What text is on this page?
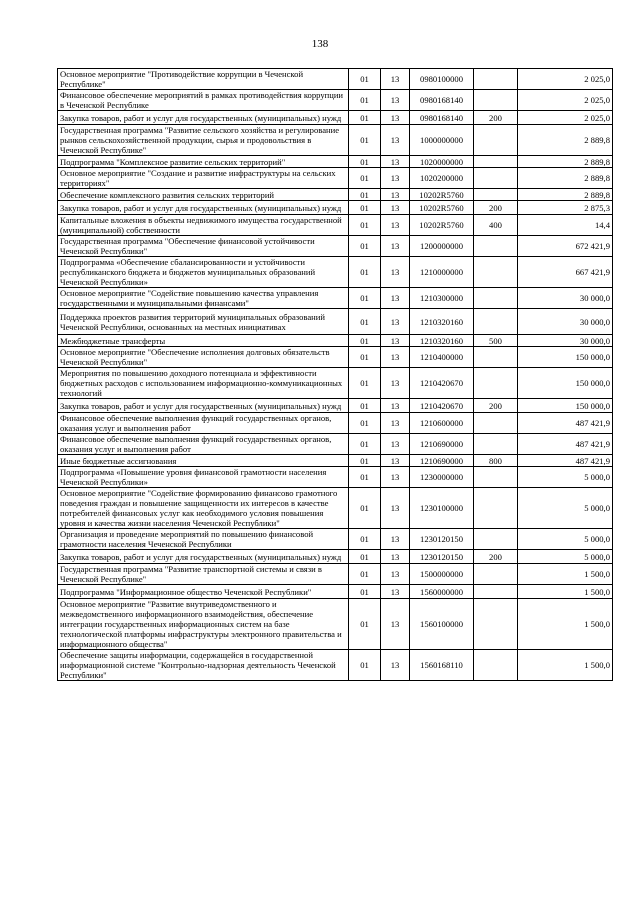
138
Основное мероприятие "Противодействие коррупции в Чеченской Республике"	01	13	0980100000		2 025,0
Финансовое обеспечение мероприятий в рамках противодействия коррупции в Чеченской Республике	01	13	0980168140		2 025,0
Закупка товаров, работ и услуг для государственных (муниципальных) нужд	01	13	0980168140	200	2 025,0
Государственная программа "Развитие сельского хозяйства и регулирование рынков сельскохозяйственной продукции, сырья и продовольствия в Чеченской Республике"	01	13	1000000000		2 889,8
Подпрограмма "Комплексное развитие сельских территорий"	01	13	1020000000		2 889,8
Основное мероприятие "Создание и развитие инфраструктуры на сельских территориях"	01	13	1020200000		2 889,8
Обеспечение комплексного развития сельских территорий	01	13	10202R5760		2 889,8
Закупка товаров, работ и услуг для государственных (муниципальных) нужд	01	13	10202R5760	200	2 875,3
Капитальные вложения в объекты недвижимого имущества государственной (муниципальной) собственности	01	13	10202R5760	400	14,4
Государственная программа "Обеспечение финансовой устойчивости Чеченской Республики"	01	13	1200000000		672 421,9
Подпрограмма «Обеспечение сбалансированности и устойчивости республиканского бюджета и бюджетов муниципальных образований Чеченской Республики»	01	13	1210000000		667 421,9
Основное мероприятие "Содействие повышению качества управления государственными и муниципальными финансами"	01	13	1210300000		30 000,0
Поддержка проектов развития территорий муниципальных образований Чеченской Республики, основанных на местных инициативах	01	13	1210320160		30 000,0
Межбюджетные трансферты	01	13	1210320160	500	30 000,0
Основное мероприятие "Обеспечение исполнения долговых обязательств Чеченской Республики"	01	13	1210400000		150 000,0
Мероприятия по повышению доходного потенциала и эффективности бюджетных расходов с использованием информационно-коммуникационных технологий	01	13	1210420670		150 000,0
Закупка товаров, работ и услуг для государственных (муниципальных) нужд	01	13	1210420670	200	150 000,0
Финансовое обеспечение выполнения функций государственных органов, оказания услуг и выполнения работ	01	13	1210600000		487 421,9
Финансовое обеспечение выполнения функций государственных органов, оказания услуг и выполнения работ	01	13	1210690000		487 421,9
Иные бюджетные ассигнования	01	13	1210690000	800	487 421,9
Подпрограмма «Повышение уровня финансовой грамотности населения Чеченской Республики»	01	13	1230000000		5 000,0
Основное мероприятие "Содействие формированию финансово грамотного поведения граждан и повышение защищенности их интересов в качестве потребителей финансовых услуг как необходимого условия повышения уровня и качества жизни населения Чеченской Республики"	01	13	1230100000		5 000,0
Организация и проведение мероприятий по повышению финансовой грамотности населения Чеченской Республики	01	13	1230120150		5 000,0
Закупка товаров, работ и услуг для государственных (муниципальных) нужд	01	13	1230120150	200	5 000,0
Государственная программа "Развитие транспортной системы и связи в Чеченской Республике"	01	13	1500000000		1 500,0
Подпрограмма "Информационное общество Чеченской Республики"	01	13	1560000000		1 500,0
Основное мероприятие "Развитие внутриведомственного и межведомственного информационного взаимодействия, обеспечение интеграции государственных информационных систем на базе технологической платформы инфраструктуры электронного правительства и информационного общества"	01	13	1560100000		1 500,0
Обеспечение защиты информации, содержащейся в государственной информационной системе "Контрольно-надзорная деятельность Чеченской Республики"	01	13	1560168110		1 500,0
